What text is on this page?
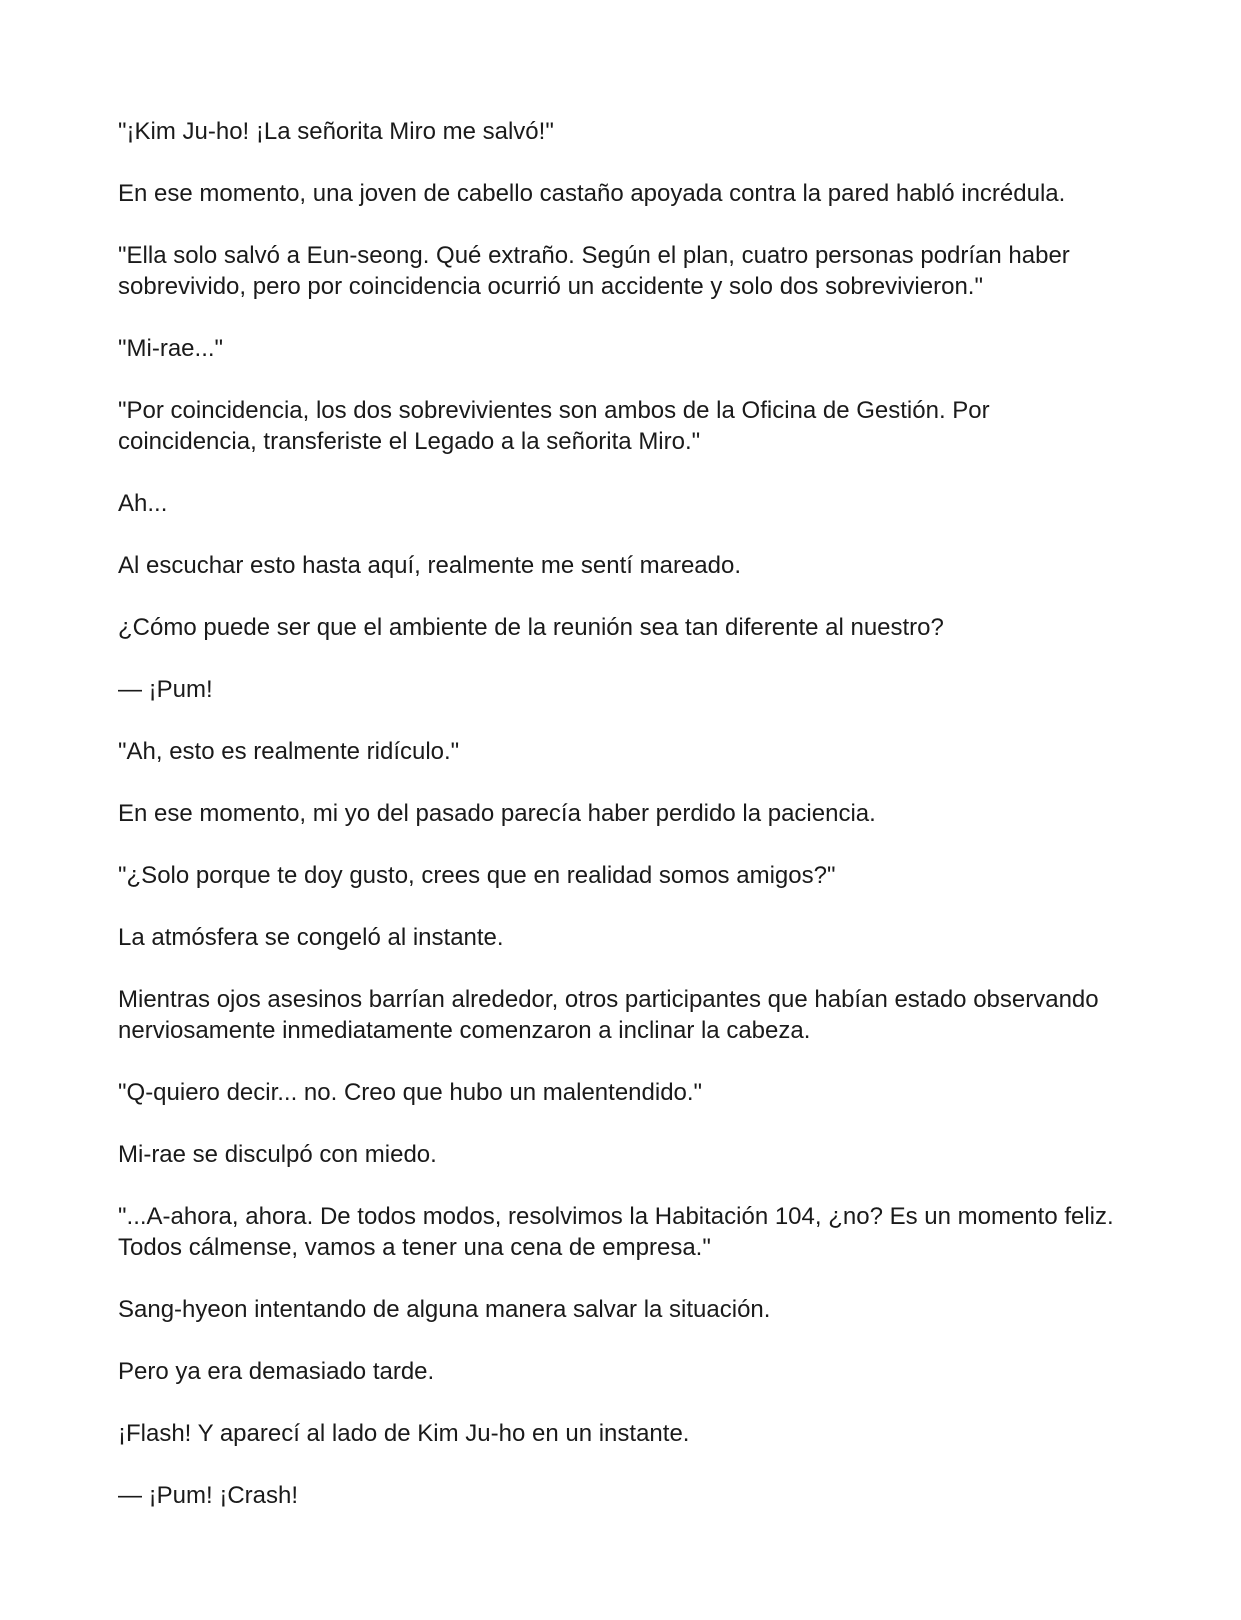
"¡Kim Ju-ho! ¡La señorita Miro me salvó!"

En ese momento, una joven de cabello castaño apoyada contra la pared habló incrédula.

"Ella solo salvó a Eun-seong. Qué extraño. Según el plan, cuatro personas podrían haber sobrevivido, pero por coincidencia ocurrió un accidente y solo dos sobrevivieron."

"Mi-rae..."

"Por coincidencia, los dos sobrevivientes son ambos de la Oficina de Gestión. Por coincidencia, transferiste el Legado a la señorita Miro."

Ah...

Al escuchar esto hasta aquí, realmente me sentí mareado.

¿Cómo puede ser que el ambiente de la reunión sea tan diferente al nuestro?

— ¡Pum!

"Ah, esto es realmente ridículo."

En ese momento, mi yo del pasado parecía haber perdido la paciencia.

"¿Solo porque te doy gusto, crees que en realidad somos amigos?"

La atmósfera se congeló al instante.

Mientras ojos asesinos barrían alrededor, otros participantes que habían estado observando nerviosamente inmediatamente comenzaron a inclinar la cabeza.

"Q-quiero decir... no. Creo que hubo un malentendido."

Mi-rae se disculpó con miedo.

"...A-ahora, ahora. De todos modos, resolvimos la Habitación 104, ¿no? Es un momento feliz. Todos cálmense, vamos a tener una cena de empresa."

Sang-hyeon intentando de alguna manera salvar la situación.

Pero ya era demasiado tarde.

¡Flash! Y aparecí al lado de Kim Ju-ho en un instante.

— ¡Pum! ¡Crash!
